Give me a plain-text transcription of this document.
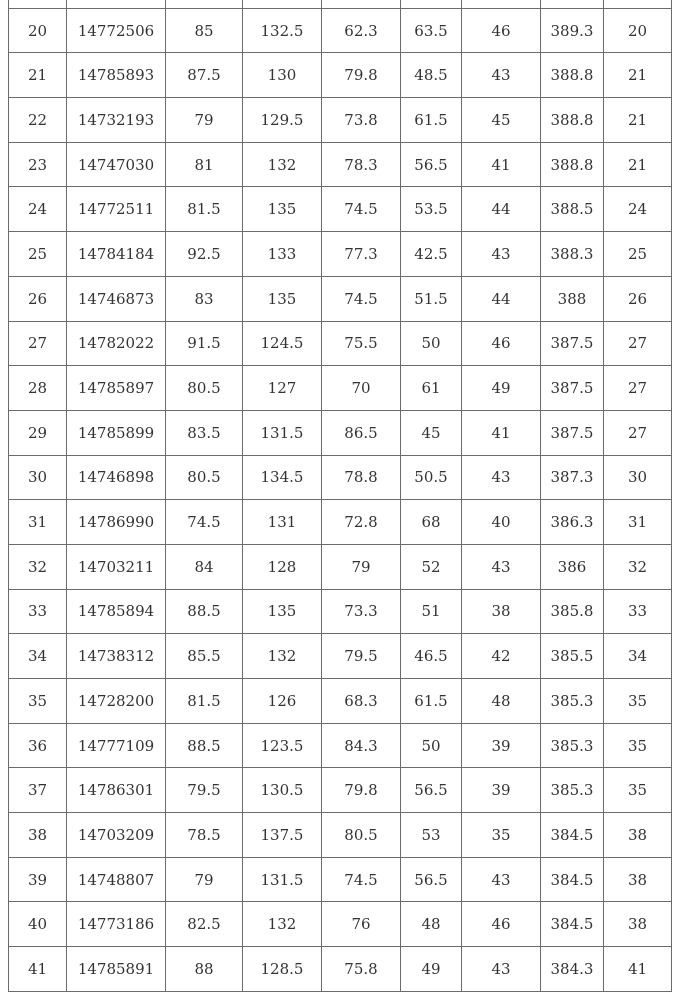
20	14772506	85	132.5	62.3	63.5	46	389.3	20
21	14785893	87.5	130	79.8	48.5	43	388.8	21
22	14732193	79	129.5	73.8	61.5	45	388.8	21
23	14747030	81	132	78.3	56.5	41	388.8	21
24	14772511	81.5	135	74.5	53.5	44	388.5	24
25	14784184	92.5	133	77.3	42.5	43	388.3	25
26	14746873	83	135	74.5	51.5	44	388	26
27	14782022	91.5	124.5	75.5	50	46	387.5	27
28	14785897	80.5	127	70	61	49	387.5	27
29	14785899	83.5	131.5	86.5	45	41	387.5	27
30	14746898	80.5	134.5	78.8	50.5	43	387.3	30
31	14786990	74.5	131	72.8	68	40	386.3	31
32	14703211	84	128	79	52	43	386	32
33	14785894	88.5	135	73.3	51	38	385.8	33
34	14738312	85.5	132	79.5	46.5	42	385.5	34
35	14728200	81.5	126	68.3	61.5	48	385.3	35
36	14777109	88.5	123.5	84.3	50	39	385.3	35
37	14786301	79.5	130.5	79.8	56.5	39	385.3	35
38	14703209	78.5	137.5	80.5	53	35	384.5	38
39	14748807	79	131.5	74.5	56.5	43	384.5	38
40	14773186	82.5	132	76	48	46	384.5	38
41	14785891	88	128.5	75.8	49	43	384.3	41
